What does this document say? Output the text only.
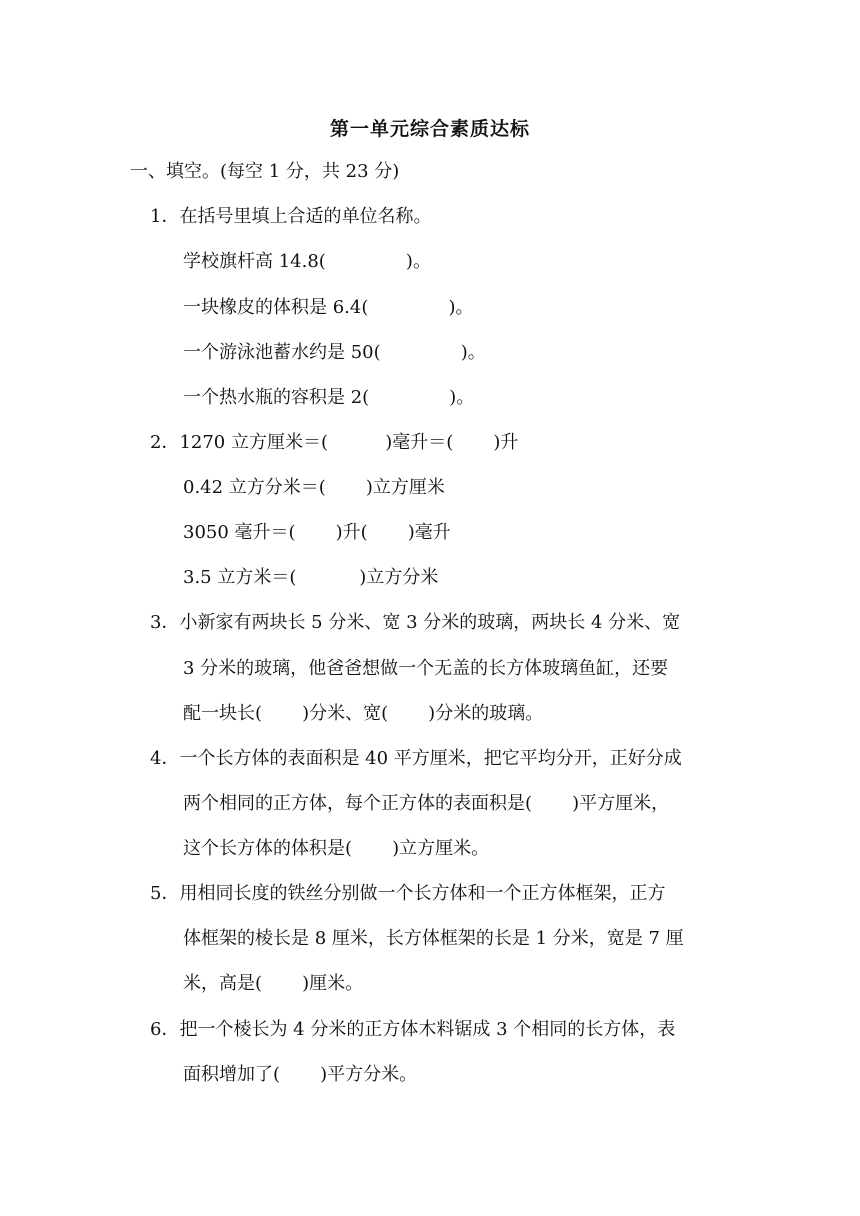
第一单元综合素质达标
一、填空。(每空 1 分，共 23 分)
1．在括号里填上合适的单位名称。
学校旗杆高 14.8(              )。
一块橡皮的体积是 6.4(              )。
一个游泳池蓄水约是 50(              )。
一个热水瓶的容积是 2(              )。
2．1270 立方厘米＝(          )毫升＝(       )升
0.42 立方分米＝(       )立方厘米
3050 毫升＝(       )升(       )毫升
3.5 立方米＝(           )立方分米
3．小新家有两块长 5 分米、宽 3 分米的玻璃，两块长 4 分米、宽
3 分米的玻璃，他爸爸想做一个无盖的长方体玻璃鱼缸，还要
配一块长(       )分米、宽(       )分米的玻璃。
4．一个长方体的表面积是 40 平方厘米，把它平均分开，正好分成
两个相同的正方体，每个正方体的表面积是(       )平方厘米，
这个长方体的体积是(       )立方厘米。
5．用相同长度的铁丝分别做一个长方体和一个正方体框架，正方
体框架的棱长是 8 厘米，长方体框架的长是 1 分米，宽是 7 厘
米，高是(       )厘米。
6．把一个棱长为 4 分米的正方体木料锯成 3 个相同的长方体，表
面积增加了(       )平方分米。
